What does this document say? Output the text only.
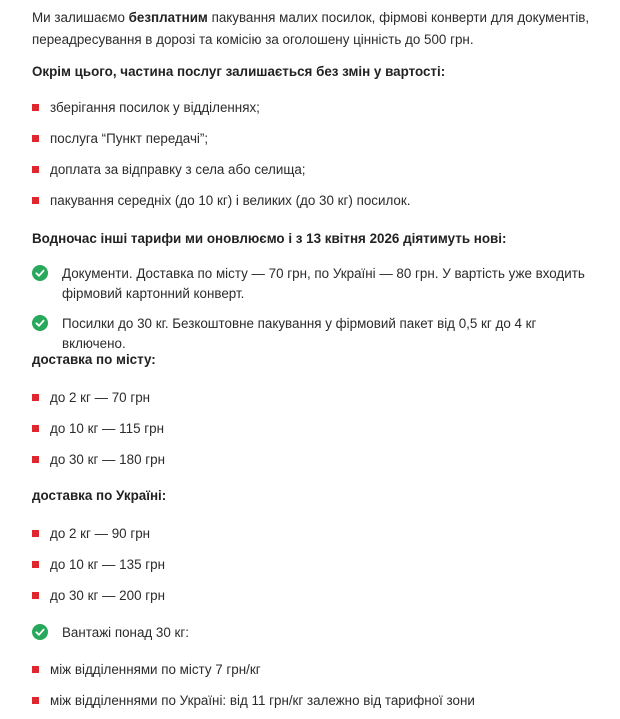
Ми залишаємо безплатним пакування малих посилок, фірмові конверти для документів, переадресування в дорозі та комісію за оголошену цінність до 500 грн.

Окрім цього, частина послуг залишається без змін у вартості:
зберігання посилок у відділеннях;
послуга “Пункт передачі”;
доплата за відправку з села або селища;
пакування середніх (до 10 кг) і великих (до 30 кг) посилок.
Водночас інші тарифи ми оновлюємо і з 13 квітня 2026 діятимуть нові:
Документи. Доставка по місту — 70 грн, по Україні — 80 грн. У вартість уже входить фірмовий картонний конверт.
Посилки до 30 кг. Безкоштовне пакування у фірмовий пакет від 0,5 кг до 4 кг включено.
доставка по місту:
до 2 кг — 70 грн
до 10 кг — 115 грн
до 30 кг — 180 грн
доставка по Україні:
до 2 кг — 90 грн
до 10 кг — 135 грн
до 30 кг — 200 грн
Вантажі понад 30 кг:
між відділеннями по місту 7 грн/кг
між відділеннями по Україні: від 11 грн/кг залежно від тарифної зони
